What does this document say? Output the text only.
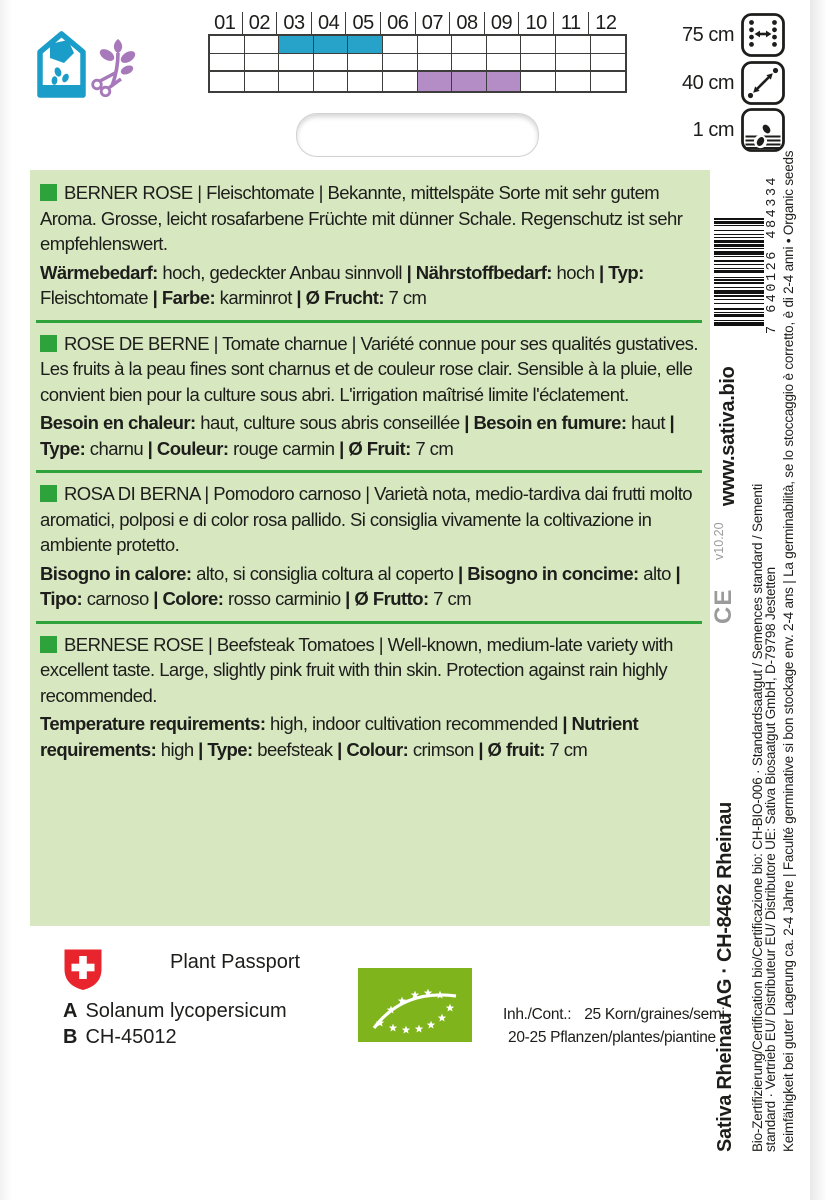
01 02 03 04 05 06 07 08 09 10 11 12
75 cm
40 cm
1 cm

BERNER ROSE | Fleischtomate | Bekannte, mittelspäte Sorte mit sehr gutem Aroma. Grosse, leicht rosafarbene Früchte mit dünner Schale. Regenschutz ist sehr empfehlenswert.

Wärmebedarf: hoch, gedeckter Anbau sinnvoll | Nährstoffbedarf: hoch | Typ: Fleischtomate | Farbe: karminrot | Ø Frucht: 7 cm

ROSE DE BERNE | Tomate charnue | Variété connue pour ses qualités gustatives. Les fruits à la peau fines sont charnus et de couleur rose clair. Sensible à la pluie, elle convient bien pour la culture sous abri. L'irrigation maîtrisé limite l'éclatement.

Besoin en chaleur: haut, culture sous abris conseillée | Besoin en fumure: haut | Type: charnu | Couleur: rouge carmin | Ø Fruit: 7 cm

ROSA DI BERNA | Pomodoro carnoso | Varietà nota, medio-tardiva dai frutti molto aromatici, polposi e di color rosa pallido. Si consiglia vivamente la coltivazione in ambiente protetto.

Bisogno in calore: alto, si consiglia coltura al coperto | Bisogno in concime: alto | Tipo: carnoso | Colore: rosso carminio | Ø Frutto: 7 cm

BERNESE ROSE | Beefsteak Tomatoes | Well-known, medium-late variety with excellent taste. Large, slightly pink fruit with thin skin. Protection against rain highly recommended.

Temperature requirements: high, indoor cultivation recommended | Nutrient requirements: high | Type: beefsteak | Colour: crimson | Ø fruit: 7 cm

7 640126 484334
www.sativa.bio
v10.20
CE
Sativa Rheinau AG · CH-8462 Rheinau Bio-Zertifizierung/Certification bio/Certificazione bio: CH-BIO-006 · Standardsaatgut / Semences standard / Sementi
standard · Vertrieb EU/ Distributeur EU/ Distributore UE: Sativa Biosaatgut GmbH, D-79798 Jestetten Keimfähigkeit bei guter Lagerung ca. 2-4 Jahre | Faculté germinative si bon stockage env. 2-4 ans | La germinabilità, se lo stoccaggio è corretto, è di 2-4 anni • Organic seeds
Plant Passport
A Solanum lycopersicum
B CH-45012
Inh./Cont.: 25 Korn/graines/semi
20-25 Pflanzen/plantes/piantine
